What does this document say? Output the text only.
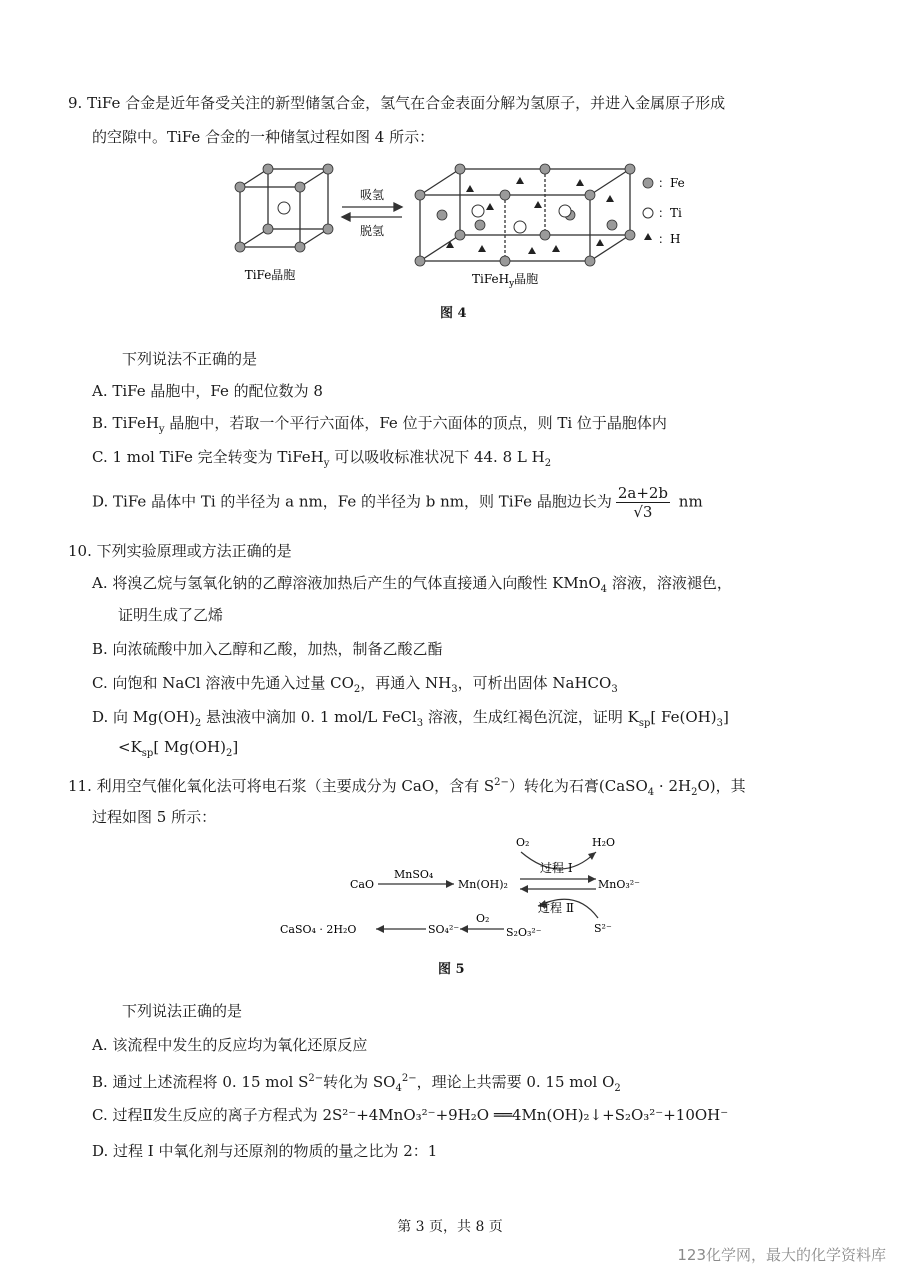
9. TiFe 合金是近年备受关注的新型储氢合金，氢气在合金表面分解为氢原子，并进入金属原子形成
的空隙中。TiFe 合金的一种储氢过程如图 4 所示：
吸氢
脱氢
：Fe
：Ti
：H
TiFe晶胞	TiFeH$_y$晶胞
图 4
下列说法不正确的是
A. TiFe 晶胞中，Fe 的配位数为 8
B. TiFeH$_y$ 晶胞中，若取一个平行六面体，Fe 位于六面体的顶点，则 Ti 位于晶胞体内
C. 1 mol TiFe 完全转变为 TiFeH$_y$ 可以吸收标准状况下 44. 8 L $H_2$
D. TiFe 晶体中 Ti 的半径为 a nm，Fe 的半径为 b nm，则 TiFe 晶胞边长为 $\frac{2a+2b}{√3}$ nm
10. 下列实验原理或方法正确的是
A. 将溴乙烷与氢氧化钠的乙醇溶液加热后产生的气体直接通入向酸性 KMnO$_4$ 溶液，溶液褪色，
证明生成了乙烯
B. 向浓硫酸中加入乙醇和乙酸，加热，制备乙酸乙酯
C. 向饱和 NaCl 溶液中先通入过量 $CO_2$，再通入 $NH_3$，可析出固体 NaHCO$_3$
D. 向 $Mg(OH)_2$ 悬浊液中滴加 0. 1 mol/L FeCl$_3$ 溶液，生成红褐色沉淀，证明 $K_{sp}$[ $Fe(OH)_3$]
$<K_{sp}$[ $Mg(OH)_2$]
11. 利用空气催化氧化法可将电石浆（主要成分为 CaO，含有 $S^{2-}$）转化为石膏(CaSO$_4$ · $2H_2O$)，其
过程如图 5 所示：
O₂	H₂O
过程 Ⅰ
CaO
MnSO₄
Mn(OH)₂	MnO₃²⁻
过程 Ⅱ
CaSO₄ · 2H₂O	SO₄²⁻
O₂
S₂O₃²⁻	S²⁻
图 5
下列说法正确的是
A. 该流程中发生的反应均为氧化还原反应
B. 通过上述流程将 0. 15 mol $S^{2-}$转化为 $SO_4^{2-}$，理论上共需要 0. 15 mol $O_2$
C. 过程Ⅱ发生反应的离子方程式为 2S²⁻+4MnO₃²⁻+9H₂O ══4Mn(OH)₂↓+S₂O₃²⁻+10OH⁻
D. 过程 Ⅰ 中氧化剂与还原剂的物质的量之比为 2：1
第 3 页，共 8 页
123化学网，最大的化学资料库
